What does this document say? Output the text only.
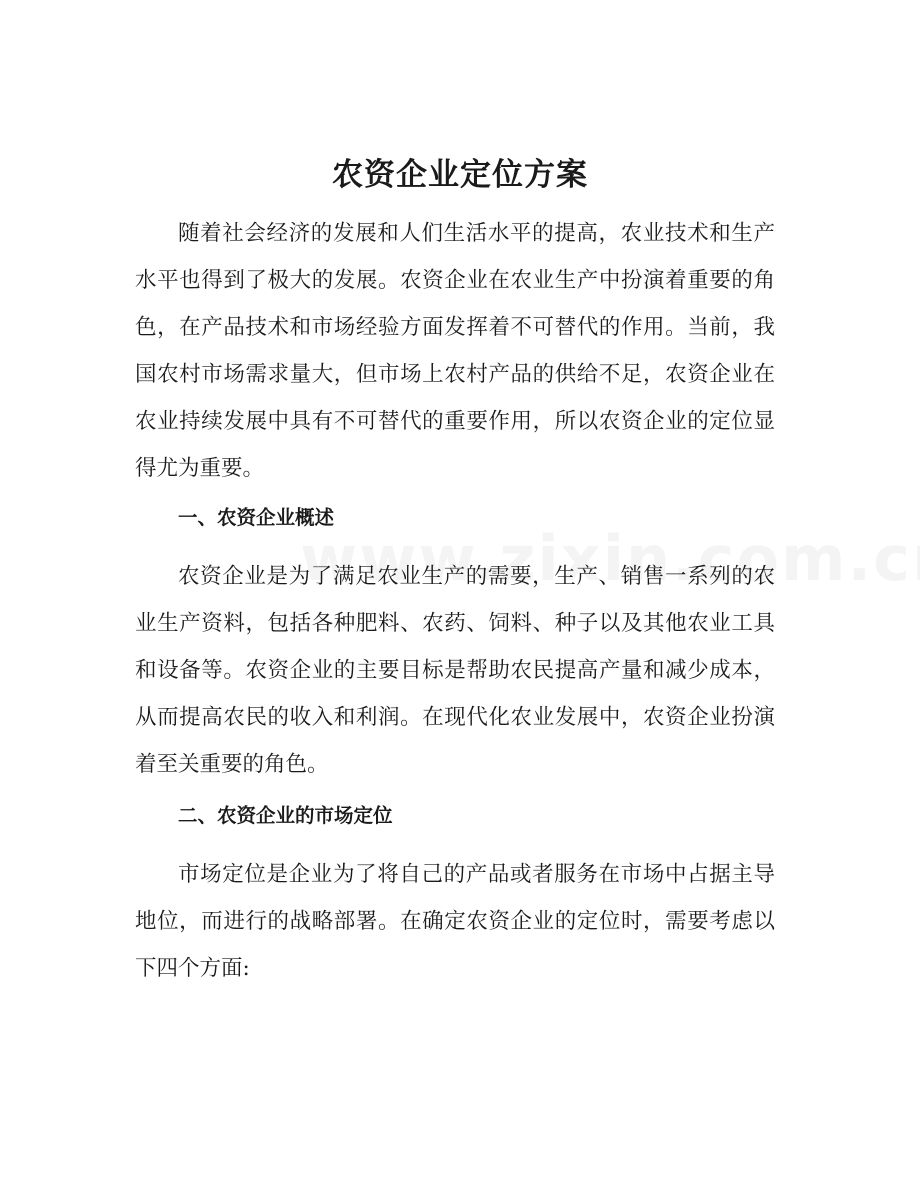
农资企业定位方案

随着社会经济的发展和人们生活水平的提高，农业技术和生产水平也得到了极大的发展。农资企业在农业生产中扮演着重要的角色，在产品技术和市场经验方面发挥着不可替代的作用。当前，我国农村市场需求量大，但市场上农村产品的供给不足，农资企业在农业持续发展中具有不可替代的重要作用，所以农资企业的定位显得尤为重要。

一、农资企业概述

农资企业是为了满足农业生产的需要，生产、销售一系列的农业生产资料，包括各种肥料、农药、饲料、种子以及其他农业工具和设备等。农资企业的主要目标是帮助农民提高产量和减少成本，从而提高农民的收入和利润。在现代化农业发展中，农资企业扮演着至关重要的角色。

二、农资企业的市场定位

市场定位是企业为了将自己的产品或者服务在市场中占据主导地位，而进行的战略部署。在确定农资企业的定位时，需要考虑以下四个方面:
